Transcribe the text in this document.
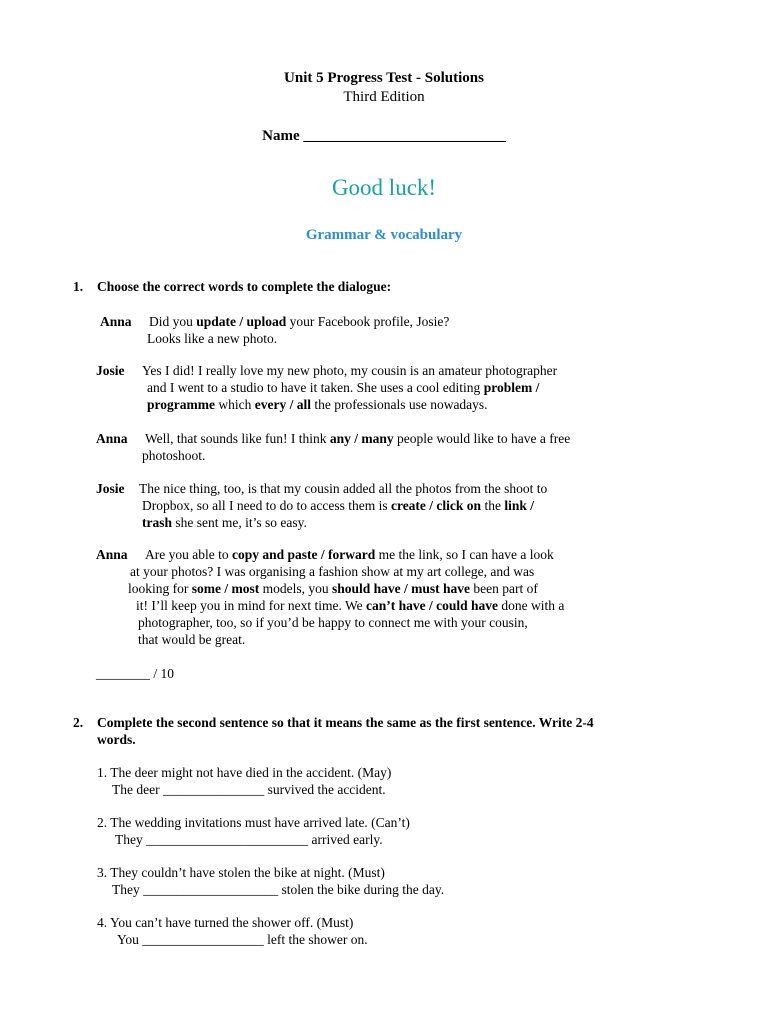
Unit 5 Progress Test - Solutions
Third Edition
Name ___________________________
Good luck!
Grammar & vocabulary
1. Choose the correct words to complete the dialogue:
Anna Did you update / upload your Facebook profile, Josie?
Looks like a new photo.
Josie Yes I did! I really love my new photo, my cousin is an amateur photographer
and I went to a studio to have it taken. She uses a cool editing problem /
programme which every / all the professionals use nowadays.
Anna Well, that sounds like fun! I think any / many people would like to have a free
photoshoot.
Josie The nice thing, too, is that my cousin added all the photos from the shoot to
Dropbox, so all I need to do to access them is create / click on the link /
trash she sent me, it’s so easy.
Anna Are you able to copy and paste / forward me the link, so I can have a look
at your photos? I was organising a fashion show at my art college, and was
looking for some / most models, you should have / must have been part of
it! I’ll keep you in mind for next time. We can’t have / could have done with a
photographer, too, so if you’d be happy to connect me with your cousin,
that would be great.
________ / 10
2. Complete the second sentence so that it means the same as the first sentence. Write 2-4
words.
1. The deer might not have died in the accident. (May)
The deer _______________ survived the accident.
2. The wedding invitations must have arrived late. (Can’t)
They ________________________ arrived early.
3. They couldn’t have stolen the bike at night. (Must)
They ____________________ stolen the bike during the day.
4. You can’t have turned the shower off. (Must)
You __________________ left the shower on.
